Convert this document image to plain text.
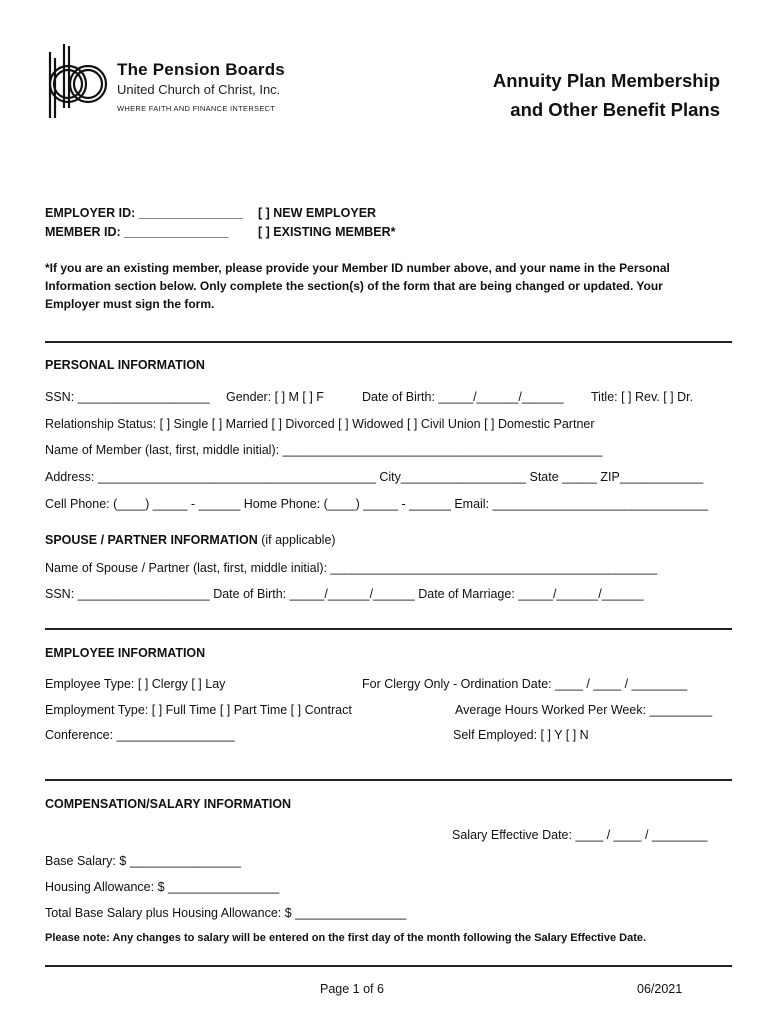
The Pension Boards
United Church of Christ, Inc.
WHERE FAITH AND FINANCE INTERSECT
Annuity Plan Membership
and Other Benefit Plans
EMPLOYER ID: _______________ [ ] NEW EMPLOYER
MEMBER ID: _______________ [ ] EXISTING MEMBER*
*If you are an existing member, please provide your Member ID number above, and your name in the Personal
Information section below. Only complete the section(s) of the form that are being changed or updated. Your
Employer must sign the form.
PERSONAL INFORMATION
SSN: ___________________ Gender: [ ] M [ ] F	Date of Birth: _____/______/______ Title: [ ] Rev. [ ] Dr.
Relationship Status: [ ] Single [ ] Married [ ] Divorced [ ] Widowed [ ] Civil Union [ ] Domestic Partner
Name of Member (last, first, middle initial): ______________________________________________
Address: ________________________________________ City__________________ State _____ ZIP____________
Cell Phone: (____) _____ - ______ Home Phone: (____) _____ - ______ Email: _______________________________
SPOUSE / PARTNER INFORMATION (if applicable)
Name of Spouse / Partner (last, first, middle initial): _______________________________________________
SSN: ___________________ Date of Birth: _____/______/______ Date of Marriage: _____/______/______
EMPLOYEE INFORMATION
Employee Type: [ ] Clergy [ ] Lay	For Clergy Only - Ordination Date: ____ / ____ / ________
Employment Type: [ ] Full Time [ ] Part Time [ ] Contract	Average Hours Worked Per Week: _________
Conference: _________________	Self Employed: [ ] Y [ ] N
COMPENSATION/SALARY INFORMATION
Salary Effective Date: ____ / ____ / ________
Base Salary: $ ________________
Housing Allowance: $ ________________
Total Base Salary plus Housing Allowance: $ ________________
Please note: Any changes to salary will be entered on the first day of the month following the Salary Effective Date.
Page 1 of 6	06/2021
